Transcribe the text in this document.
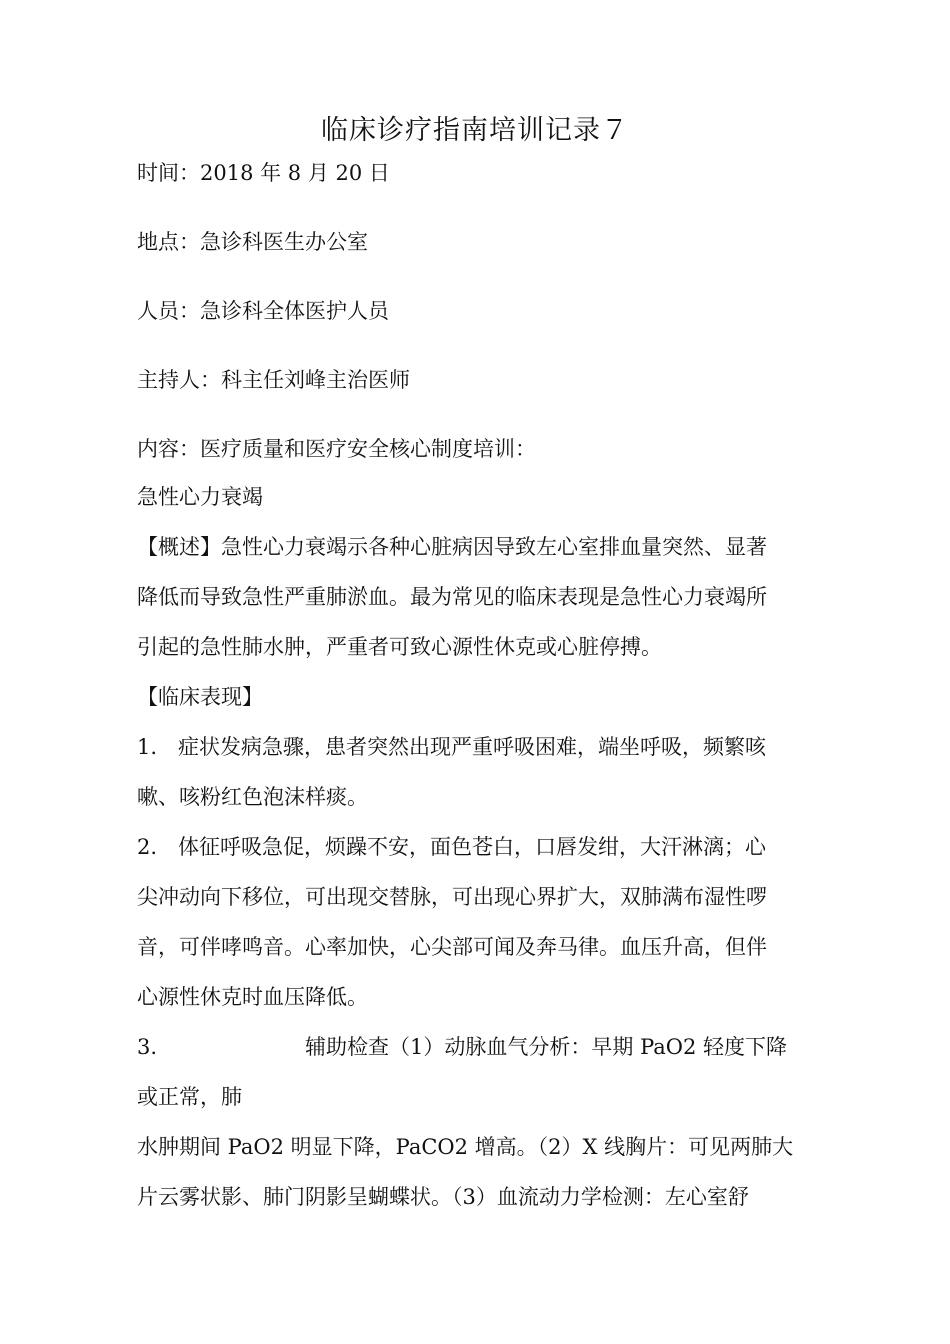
临床诊疗指南培训记录７
时间：2018 年 8 月 20 日
地点：急诊科医生办公室
人员：急诊科全体医护人员
主持人：科主任刘峰主治医师
内容：医疗质量和医疗安全核心制度培训：
急性心力衰竭
【概述】急性心力衰竭示各种心脏病因导致左心室排血量突然、显著
降低而导致急性严重肺淤血。最为常见的临床表现是急性心力衰竭所
引起的急性肺水肿，严重者可致心源性休克或心脏停搏。
【临床表现】
1.　症状发病急骤，患者突然出现严重呼吸困难，端坐呼吸，频繁咳
嗽、咳粉红色泡沫样痰。
2.　体征呼吸急促，烦躁不安，面色苍白，口唇发绀，大汗淋漓；心
尖冲动向下移位，可出现交替脉，可出现心界扩大，双肺满布湿性啰
音，可伴哮鸣音。心率加快，心尖部可闻及奔马律。血压升高，但伴
心源性休克时血压降低。
3.	辅助检查（1）动脉血气分析：早期 PaO2 轻度下降
或正常，肺
水肿期间 PaO2 明显下降，PaCO2 增高。（2）X 线胸片：可见两肺大
片云雾状影、肺门阴影呈蝴蝶状。（3）血流动力学检测：左心室舒
